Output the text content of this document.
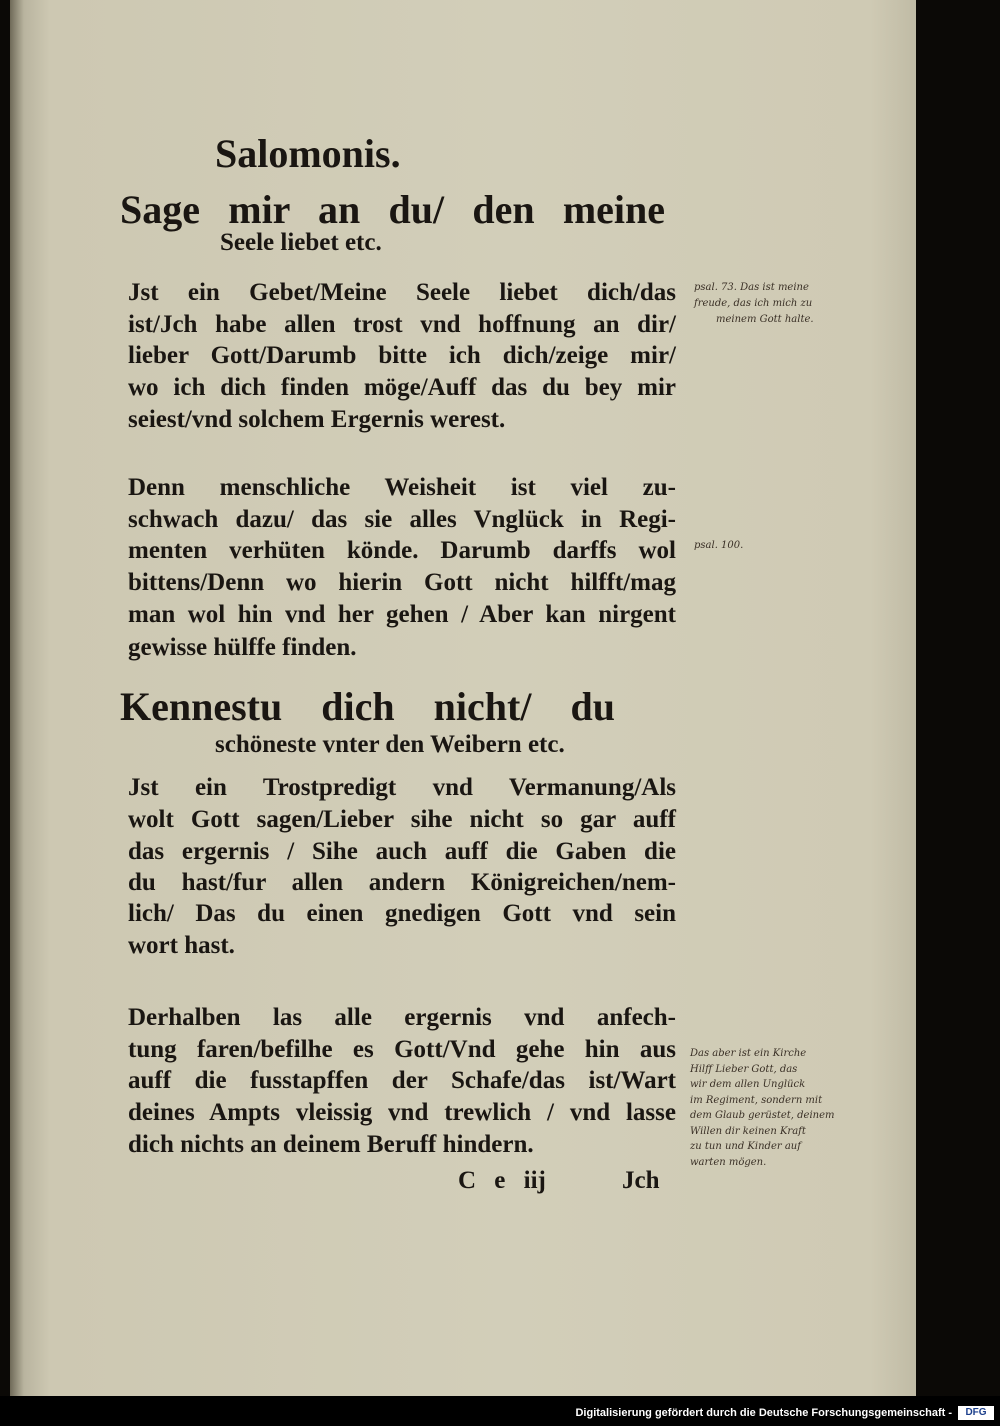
Salomonis.
Sage mir an du/ den meine
Seele liebet etc.
Jst ein Gebet/Meine Seele liebet dich/das
ist/Jch habe allen trost vnd hoffnung an dir/
lieber Gott/Darumb bitte ich dich/zeige mir/
wo ich dich finden möge/Auff das du bey mir
seiest/vnd solchem Ergernis werest.
Denn menschliche Weisheit ist viel zu-
schwach dazu/ das sie alles Vnglück in Regi-
menten verhüten könde. Darumb darffs wol
bittens/Denn wo hierin Gott nicht hilfft/mag
man wol hin vnd her gehen / Aber kan nirgent
gewisse hülffe finden.
Kennestu dich nicht/ du
schöneste vnter den Weibern etc.
Jst ein Trostpredigt vnd Vermanung/Als
wolt Gott sagen/Lieber sihe nicht so gar auff
das ergernis / Sihe auch auff die Gaben die
du hast/fur allen andern Königreichen/nem-
lich/ Das du einen gnedigen Gott vnd sein
wort hast.
Derhalben las alle ergernis vnd anfech-
tung faren/befilhe es Gott/Vnd gehe hin aus
auff die fusstapffen der Schafe/das ist/Wart
deines Ampts vleissig vnd trewlich / vnd lasse
dich nichts an deinem Beruff hindern.
C e iij	Jch
psal. 73. Das ist meine
freude, das ich mich zu
meinem Gott halte.
psal. 100.
Das aber ist ein Kirche
Hilff Lieber Gott, das
wir dem allen Unglück
im Regiment, sondern mit
dem Glaub gerüstet, deinem
Willen dir keinen Kraft
zu tun und Kinder auf
warten mögen.
Digitalisierung gefördert durch die Deutsche Forschungsgemeinschaft -	DFG
